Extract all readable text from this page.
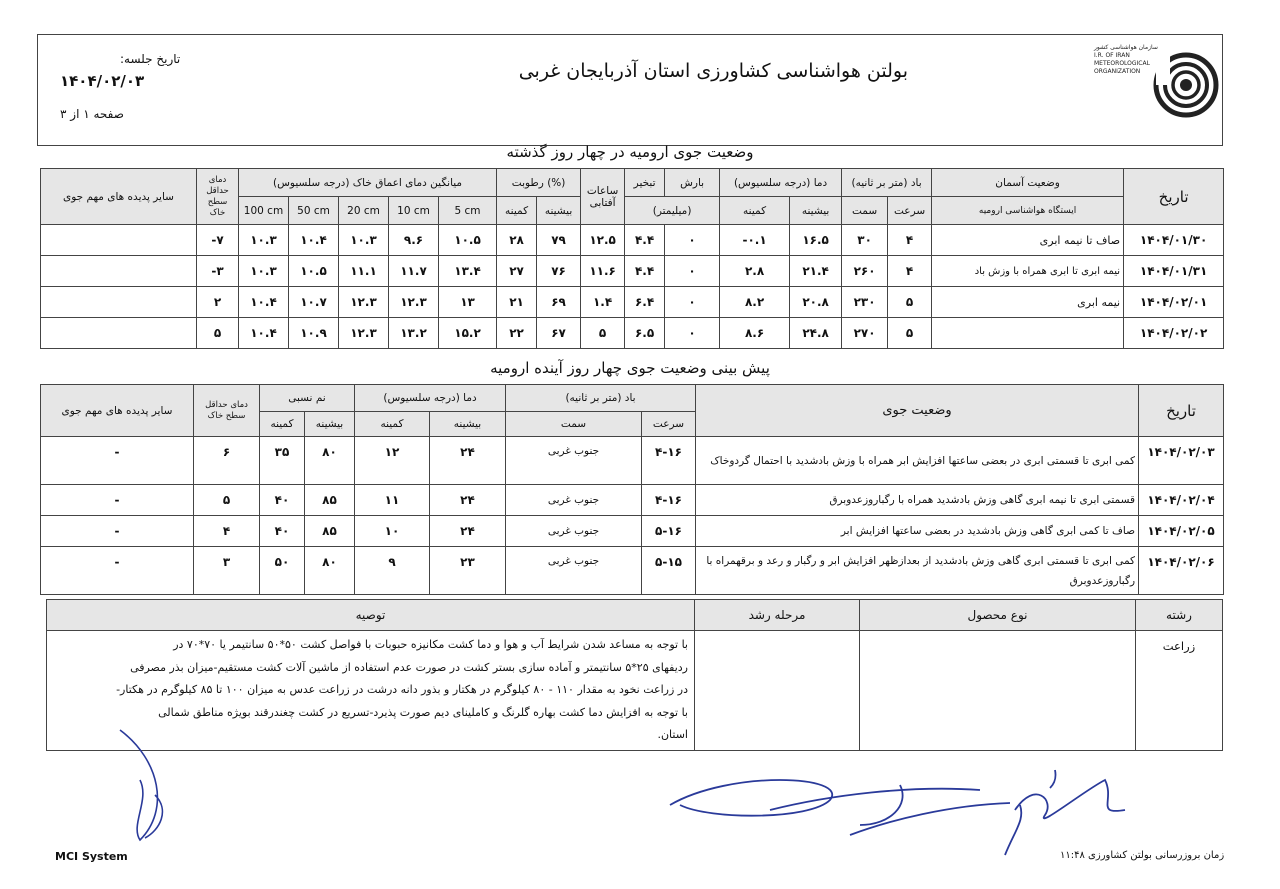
بولتن هواشناسی کشاورزی استان آذربایجان غربی
تاریخ جلسه:
۱۴۰۴/۰۲/۰۳
صفحه ۱ از ۳
سازمان هواشناسی کشور
I.R. OF IRAN
METEOROLOGICAL
ORGANIZATION
وضعیت جوی ارومیه در چهار روز گذشته
سایر پدیده های مهم جوی	دمای حداقل سطح خاک	میانگین دمای اعماق خاک (درجه سلسیوس)					رطوبت (%)		ساعات آفتابی	تبخیر	بارش	دما (درجه سلسیوس)		باد (متر بر ثانیه)		وضعیت آسمان	تاریخ
		100 cm	50 cm	20 cm	10 cm	5 cm	کمینه	بیشینه		(میلیمتر)		کمینه	بیشینه	سمت	سرعت	ایستگاه هواشناسی ارومیه	
	-۷	۱۰.۳	۱۰.۴	۱۰.۳	۹.۶	۱۰.۵	۲۸	۷۹	۱۲.۵	۴.۴	۰	-۰.۱	۱۶.۵	۳۰	۴	صاف تا نیمه ابری	۱۴۰۴/۰۱/۳۰
	-۳	۱۰.۳	۱۰.۵	۱۱.۱	۱۱.۷	۱۳.۴	۲۷	۷۶	۱۱.۶	۴.۴	۰	۲.۸	۲۱.۴	۲۶۰	۴	نیمه ابری تا ابری همراه با وزش باد	۱۴۰۴/۰۱/۳۱
	۲	۱۰.۴	۱۰.۷	۱۲.۳	۱۲.۳	۱۳	۲۱	۶۹	۱.۴	۶.۴	۰	۸.۲	۲۰.۸	۲۳۰	۵	نیمه ابری	۱۴۰۴/۰۲/۰۱
	۵	۱۰.۴	۱۰.۹	۱۲.۳	۱۳.۲	۱۵.۲	۲۲	۶۷	۵	۶.۵	۰	۸.۶	۲۴.۸	۲۷۰	۵		۱۴۰۴/۰۲/۰۲
پیش بینی وضعیت جوی چهار روز آینده ارومیه
سایر پدیده های مهم جوی	دمای حداقل سطح خاک	نم نسبی		دما (درجه سلسیوس)		باد (متر بر ثانیه)		وضعیت جوی	تاریخ
		کمینه	بیشینه	کمینه	بیشینه	سمت	سرعت		
-	۶	۳۵	۸۰	۱۲	۲۴	جنوب غربی	۴-۱۶	کمی ابری تا قسمتی ابری در بعضی ساعتها افزایش ابر همراه با وزش بادشدید با احتمال گردوخاک	۱۴۰۴/۰۲/۰۳
-	۵	۴۰	۸۵	۱۱	۲۴	جنوب غربی	۴-۱۶	قسمتی ابری تا نیمه ابری گاهی وزش بادشدید همراه با رگباروزعدوبرق	۱۴۰۴/۰۲/۰۴
-	۴	۴۰	۸۵	۱۰	۲۴	جنوب غربی	۵-۱۶	صاف تا کمی ابری گاهی وزش بادشدید در بعضی ساعتها افزایش ابر	۱۴۰۴/۰۲/۰۵
-	۳	۵۰	۸۰	۹	۲۳	جنوب غربی	۵-۱۵	کمی ابری تا قسمتی ابری گاهی وزش بادشدید از بعدازظهر افزایش ابر و رگبار و رعد و برقهمراه با رگباروزعدوبرق	۱۴۰۴/۰۲/۰۶
توصیه	مرحله رشد	نوع محصول	رشته

با توجه به مساعد شدن شرایط آب و هوا و دما کشت مکانیزه حبوبات با فواصل کشت ۵۰*۵۰ سانتیمر یا ۷۰*۷۰ در
ردیفهای ۲۵*۵ سانتیمتر و آماده سازی بستر کشت در صورت عدم استفاده از ماشین آلات کشت مستقیم-میزان بذر مصرفی
در زراعت نخود به مقدار ۱۱۰ - ۸۰ کیلوگرم در هکتار و بذور دانه درشت در زراعت عدس به میزان ۱۰۰ تا ۸۵ کیلوگرم در هکتار-
با توجه به افزایش دما کشت بهاره گلرنگ و کاملینای دیم صورت پذیرد-تسریع در کشت چغندرقند بویژه مناطق شمالی
استان.			زراعت
MCI System	زمان بروزرسانی بولتن کشاورزی ۱۱:۴۸
